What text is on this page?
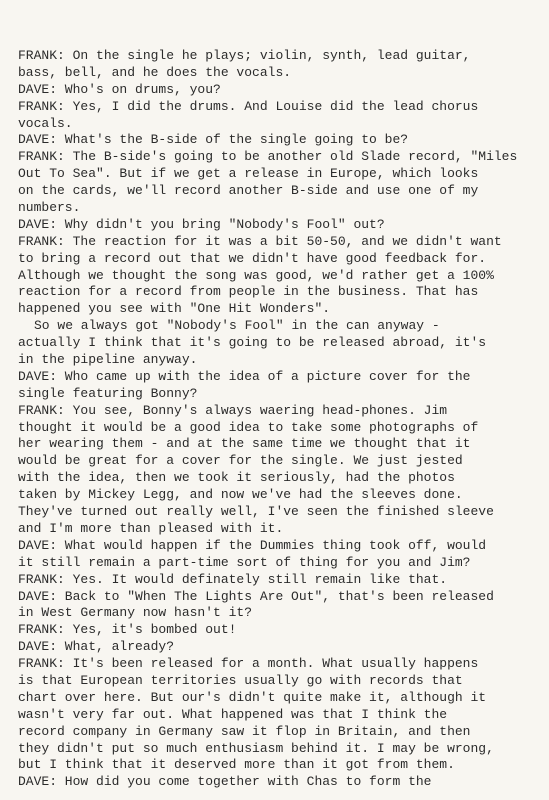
FRANK: On the single he plays; violin, synth, lead guitar,
bass, bell, and he does the vocals.
DAVE: Who's on drums, you?
FRANK: Yes, I did the drums. And Louise did the lead chorus
vocals.
DAVE: What's the B-side of the single going to be?
FRANK: The B-side's going to be another old Slade record, "Miles
Out To Sea". But if we get a release in Europe, which looks
on the cards, we'll record another B-side and use one of my
numbers.
DAVE: Why didn't you bring "Nobody's Fool" out?
FRANK: The reaction for it was a bit 50-50, and we didn't want
to bring a record out that we didn't have good feedback for.
Although we thought the song was good, we'd rather get a 100%
reaction for a record from people in the business. That has
happened you see with "One Hit Wonders".
So we always got "Nobody's Fool" in the can anyway -
actually I think that it's going to be released abroad, it's
in the pipeline anyway.
DAVE: Who came up with the idea of a picture cover for the
single featuring Bonny?
FRANK: You see, Bonny's always waering head-phones. Jim
thought it would be a good idea to take some photographs of
her wearing them - and at the same time we thought that it
would be great for a cover for the single. We just jested
with the idea, then we took it seriously, had the photos
taken by Mickey Legg, and now we've had the sleeves done.
They've turned out really well, I've seen the finished sleeve
and I'm more than pleased with it.
DAVE: What would happen if the Dummies thing took off, would
it still remain a part-time sort of thing for you and Jim?
FRANK: Yes. It would definately still remain like that.
DAVE: Back to "When The Lights Are Out", that's been released
in West Germany now hasn't it?
FRANK: Yes, it's bombed out!
DAVE: What, already?
FRANK: It's been released for a month. What usually happens
is that European territories usually go with records that
chart over here. But our's didn't quite make it, although it
wasn't very far out. What happened was that I think the
record company in Germany saw it flop in Britain, and then
they didn't put so much enthusiasm behind it. I may be wrong,
but I think that it deserved more than it got from them.
DAVE: How did you come together with Chas to form the
